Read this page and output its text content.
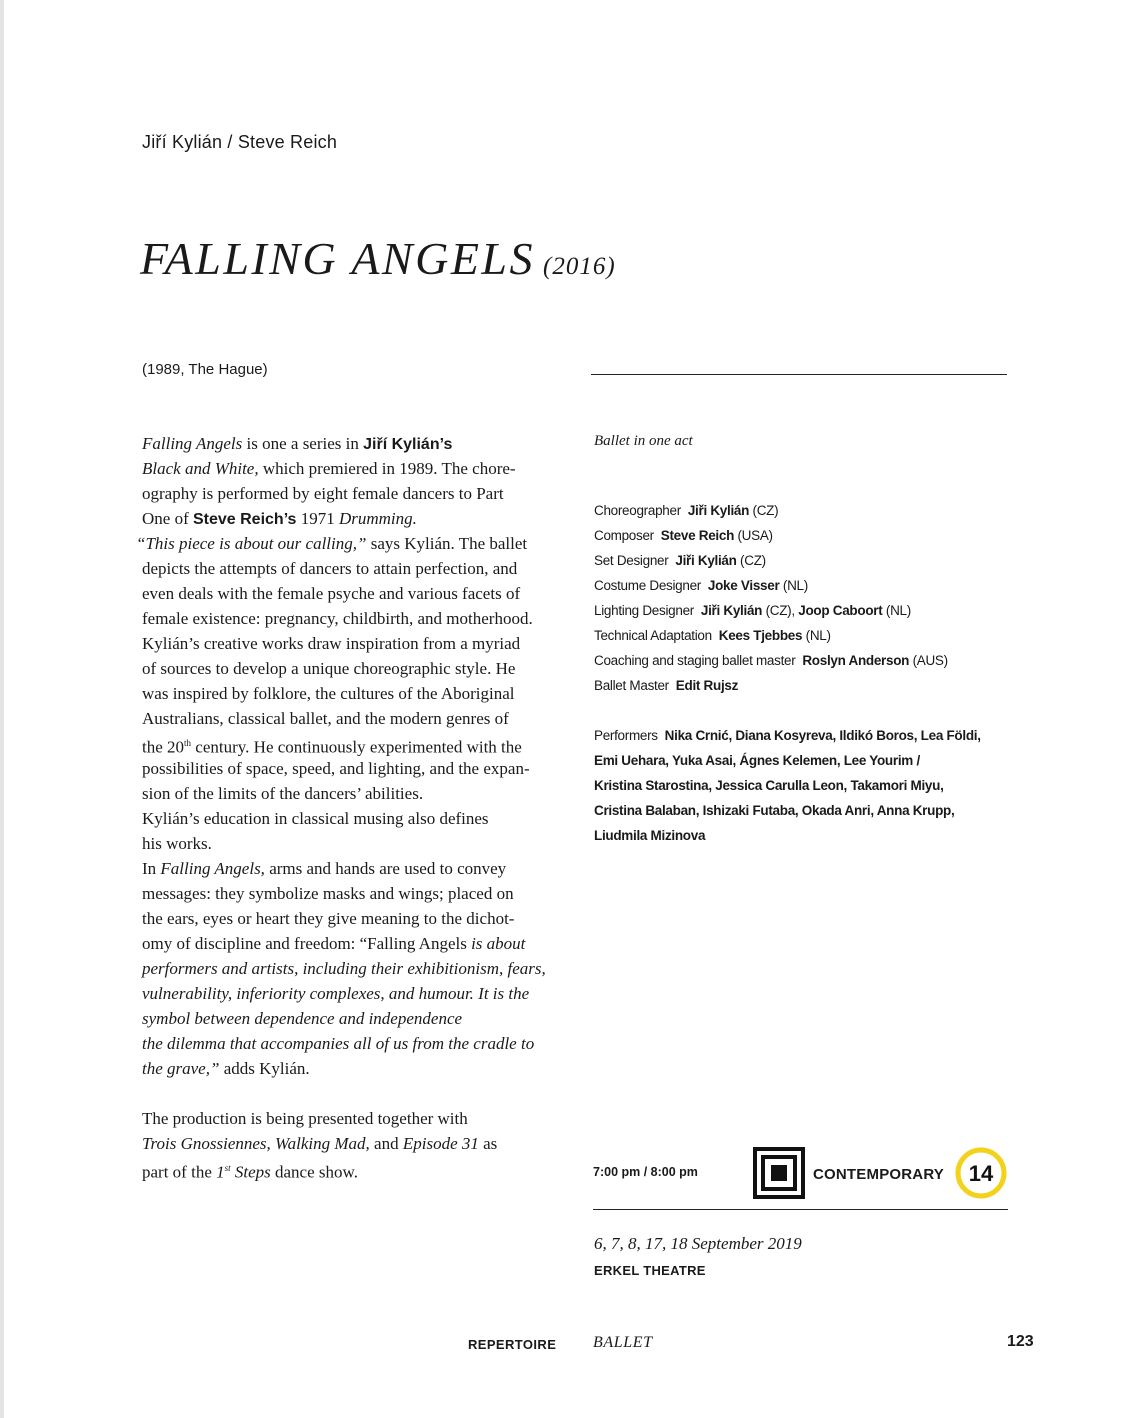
Jiří Kylián / Steve Reich
FALLING ANGELS (2016)
(1989, The Hague)
Falling Angels is one a series in Jiří Kylián’s
Black and White, which premiered in 1989. The chore-
ography is performed by eight female dancers to Part
One of Steve Reich’s 1971 Drumming.
“This piece is about our calling,” says Kylián. The ballet
depicts the attempts of dancers to attain perfection, and
even deals with the female psyche and various facets of
female existence: pregnancy, childbirth, and motherhood.
Kylián’s creative works draw inspiration from a myriad
of sources to develop a unique choreographic style. He
was inspired by folklore, the cultures of the Aboriginal
Australians, classical ballet, and the modern genres of
the 20th century. He continuously experimented with the
possibilities of space, speed, and lighting, and the expan-
sion of the limits of the dancers’ abilities.
Kylián’s education in classical musing also defines
his works.
In Falling Angels, arms and hands are used to convey
messages: they symbolize masks and wings; placed on
the ears, eyes or heart they give meaning to the dichot-
omy of discipline and freedom: “Falling Angels is about
performers and artists, including their exhibitionism, fears,
vulnerability, inferiority complexes, and humour. It is the
symbol between dependence and independence
the dilemma that accompanies all of us from the cradle to
the grave,” adds Kylián.
The production is being presented together with
Trois Gnossiennes, Walking Mad, and Episode 31 as
part of the 1st Steps dance show.
Ballet in one act
Choreographer Jiři Kylián (CZ)
Composer Steve Reich (USA)
Set Designer Jiři Kylián (CZ)
Costume Designer Joke Visser (NL)
Lighting Designer Jiři Kylián (CZ), Joop Caboort (NL)
Technical Adaptation Kees Tjebbes (NL)
Coaching and staging ballet master Roslyn Anderson (AUS)
Ballet Master Edit Rujsz
Performers Nika Crnić, Diana Kosyreva, Ildikó Boros, Lea Földi,
Emi Uehara, Yuka Asai, Ágnes Kelemen, Lee Yourim /
Kristina Starostina, Jessica Carulla Leon, Takamori Miyu,
Cristina Balaban, Ishizaki Futaba, Okada Anri, Anna Krupp,
Liudmila Mizinova
7:00 pm / 8:00 pm	CONTEMPORARY 14
6, 7, 8, 17, 18 September 2019
ERKEL THEATRE
REPERTOIRE BALLET	123
